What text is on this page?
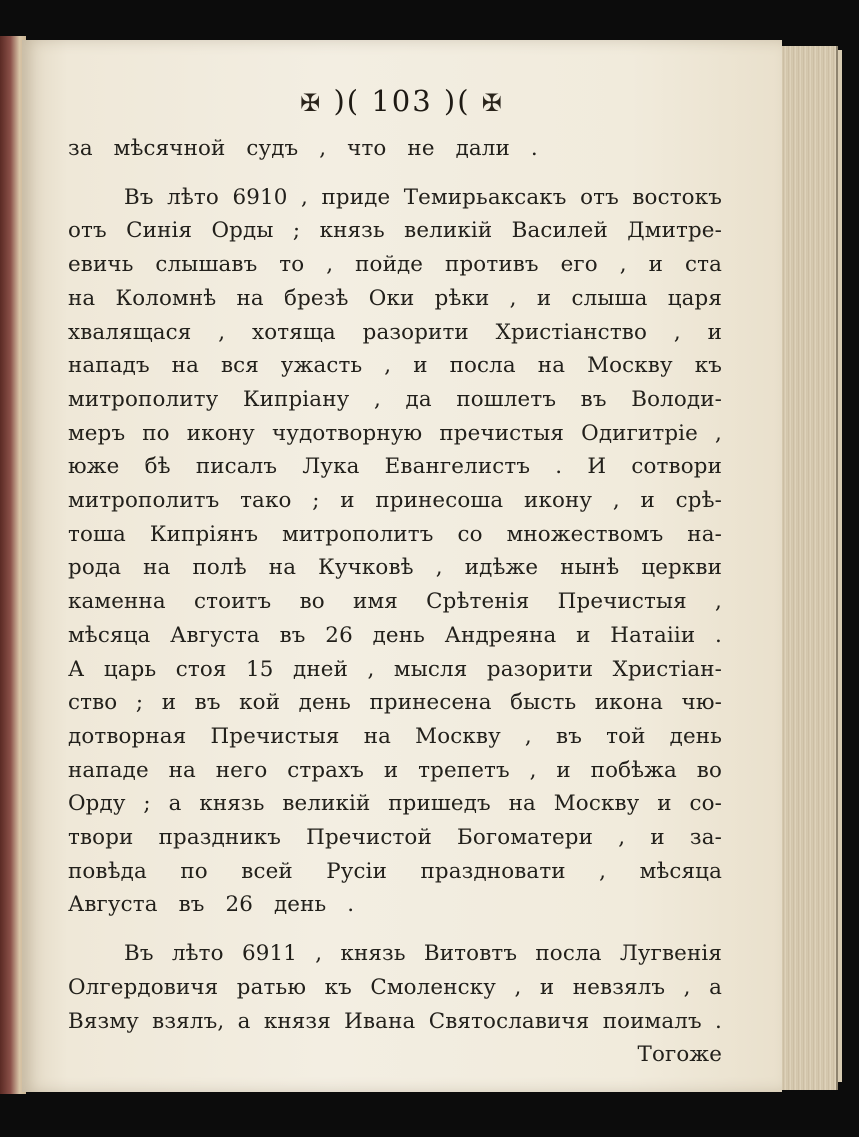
✠ )( 103 )( ✠
за мѣсячной судъ , что не дали .
Въ лѣто 6910 , приде Темирьаксакъ отъ востокъ
отъ Синія Орды ; князь великій Василей Дмитре-
евичь слышавъ то , пойде противъ его , и ста
на Коломнѣ на брезѣ Оки рѣки , и слыша царя
хвалящася , хотяща разорити Христіанство , и
нападъ на вся ужасть , и посла на Москву къ
митрополиту Кипріану , да пошлетъ въ Володи-
меръ по икону чудотворную пречистыя Одигитріе ,
юже бѣ писалъ Лука Евангелистъ . И сотвори
митрополитъ тако ; и принесоша икону , и срѣ-
тоша Кипріянъ митрополитъ со множествомъ на-
рода на полѣ на Кучковѣ , идѣже нынѣ церкви
каменна стоитъ во имя Срѣтенія Пречистыя ,
мѣсяца Августа въ 26 день Андреяна и Натаііи .
А царь стоя 15 дней , мысля разорити Христіан-
ство ; и въ кой день принесена бысть икона чю-
дотворная Пречистыя на Москву , въ той день
нападе на него страхъ и трепетъ , и побѣжа во
Орду ; а князь великій пришедъ на Москву и со-
твори праздникъ Пречистой Богоматери , и за-
повѣда по всей Русіи праздновати , мѣсяца
Августа въ 26 день .
Въ лѣто 6911 , князь Витовтъ посла Лугвенія
Олгердовичя ратью къ Смоленску , и невзялъ , а
Вязму взялъ, а князя Ивана Святославичя поималъ .
Тогоже
